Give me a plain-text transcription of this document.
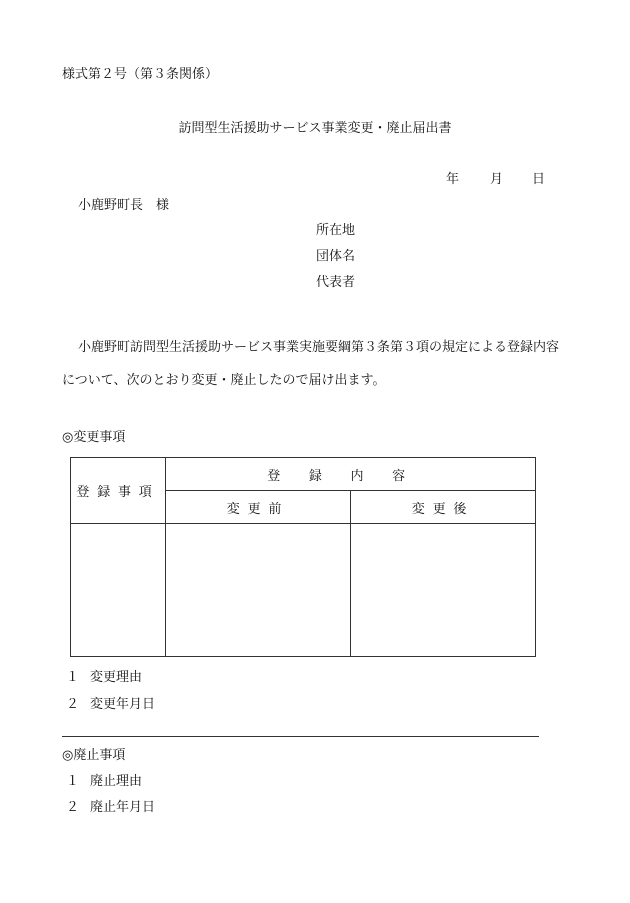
様式第２号（第３条関係）
訪問型生活援助サービス事業変更・廃止届出書
年 月 日
小鹿野町長　様
所在地
団体名
代表者
小鹿野町訪問型生活援助サービス事業実施要綱第３条第３項の規定による登録内容について、次のとおり変更・廃止したので届け出ます。
◎変更事項
登録事項	登録内容	
	変更前	変更後

１ 変更理由
２ 変更年月日
◎廃止事項
１ 廃止理由
２ 廃止年月日
